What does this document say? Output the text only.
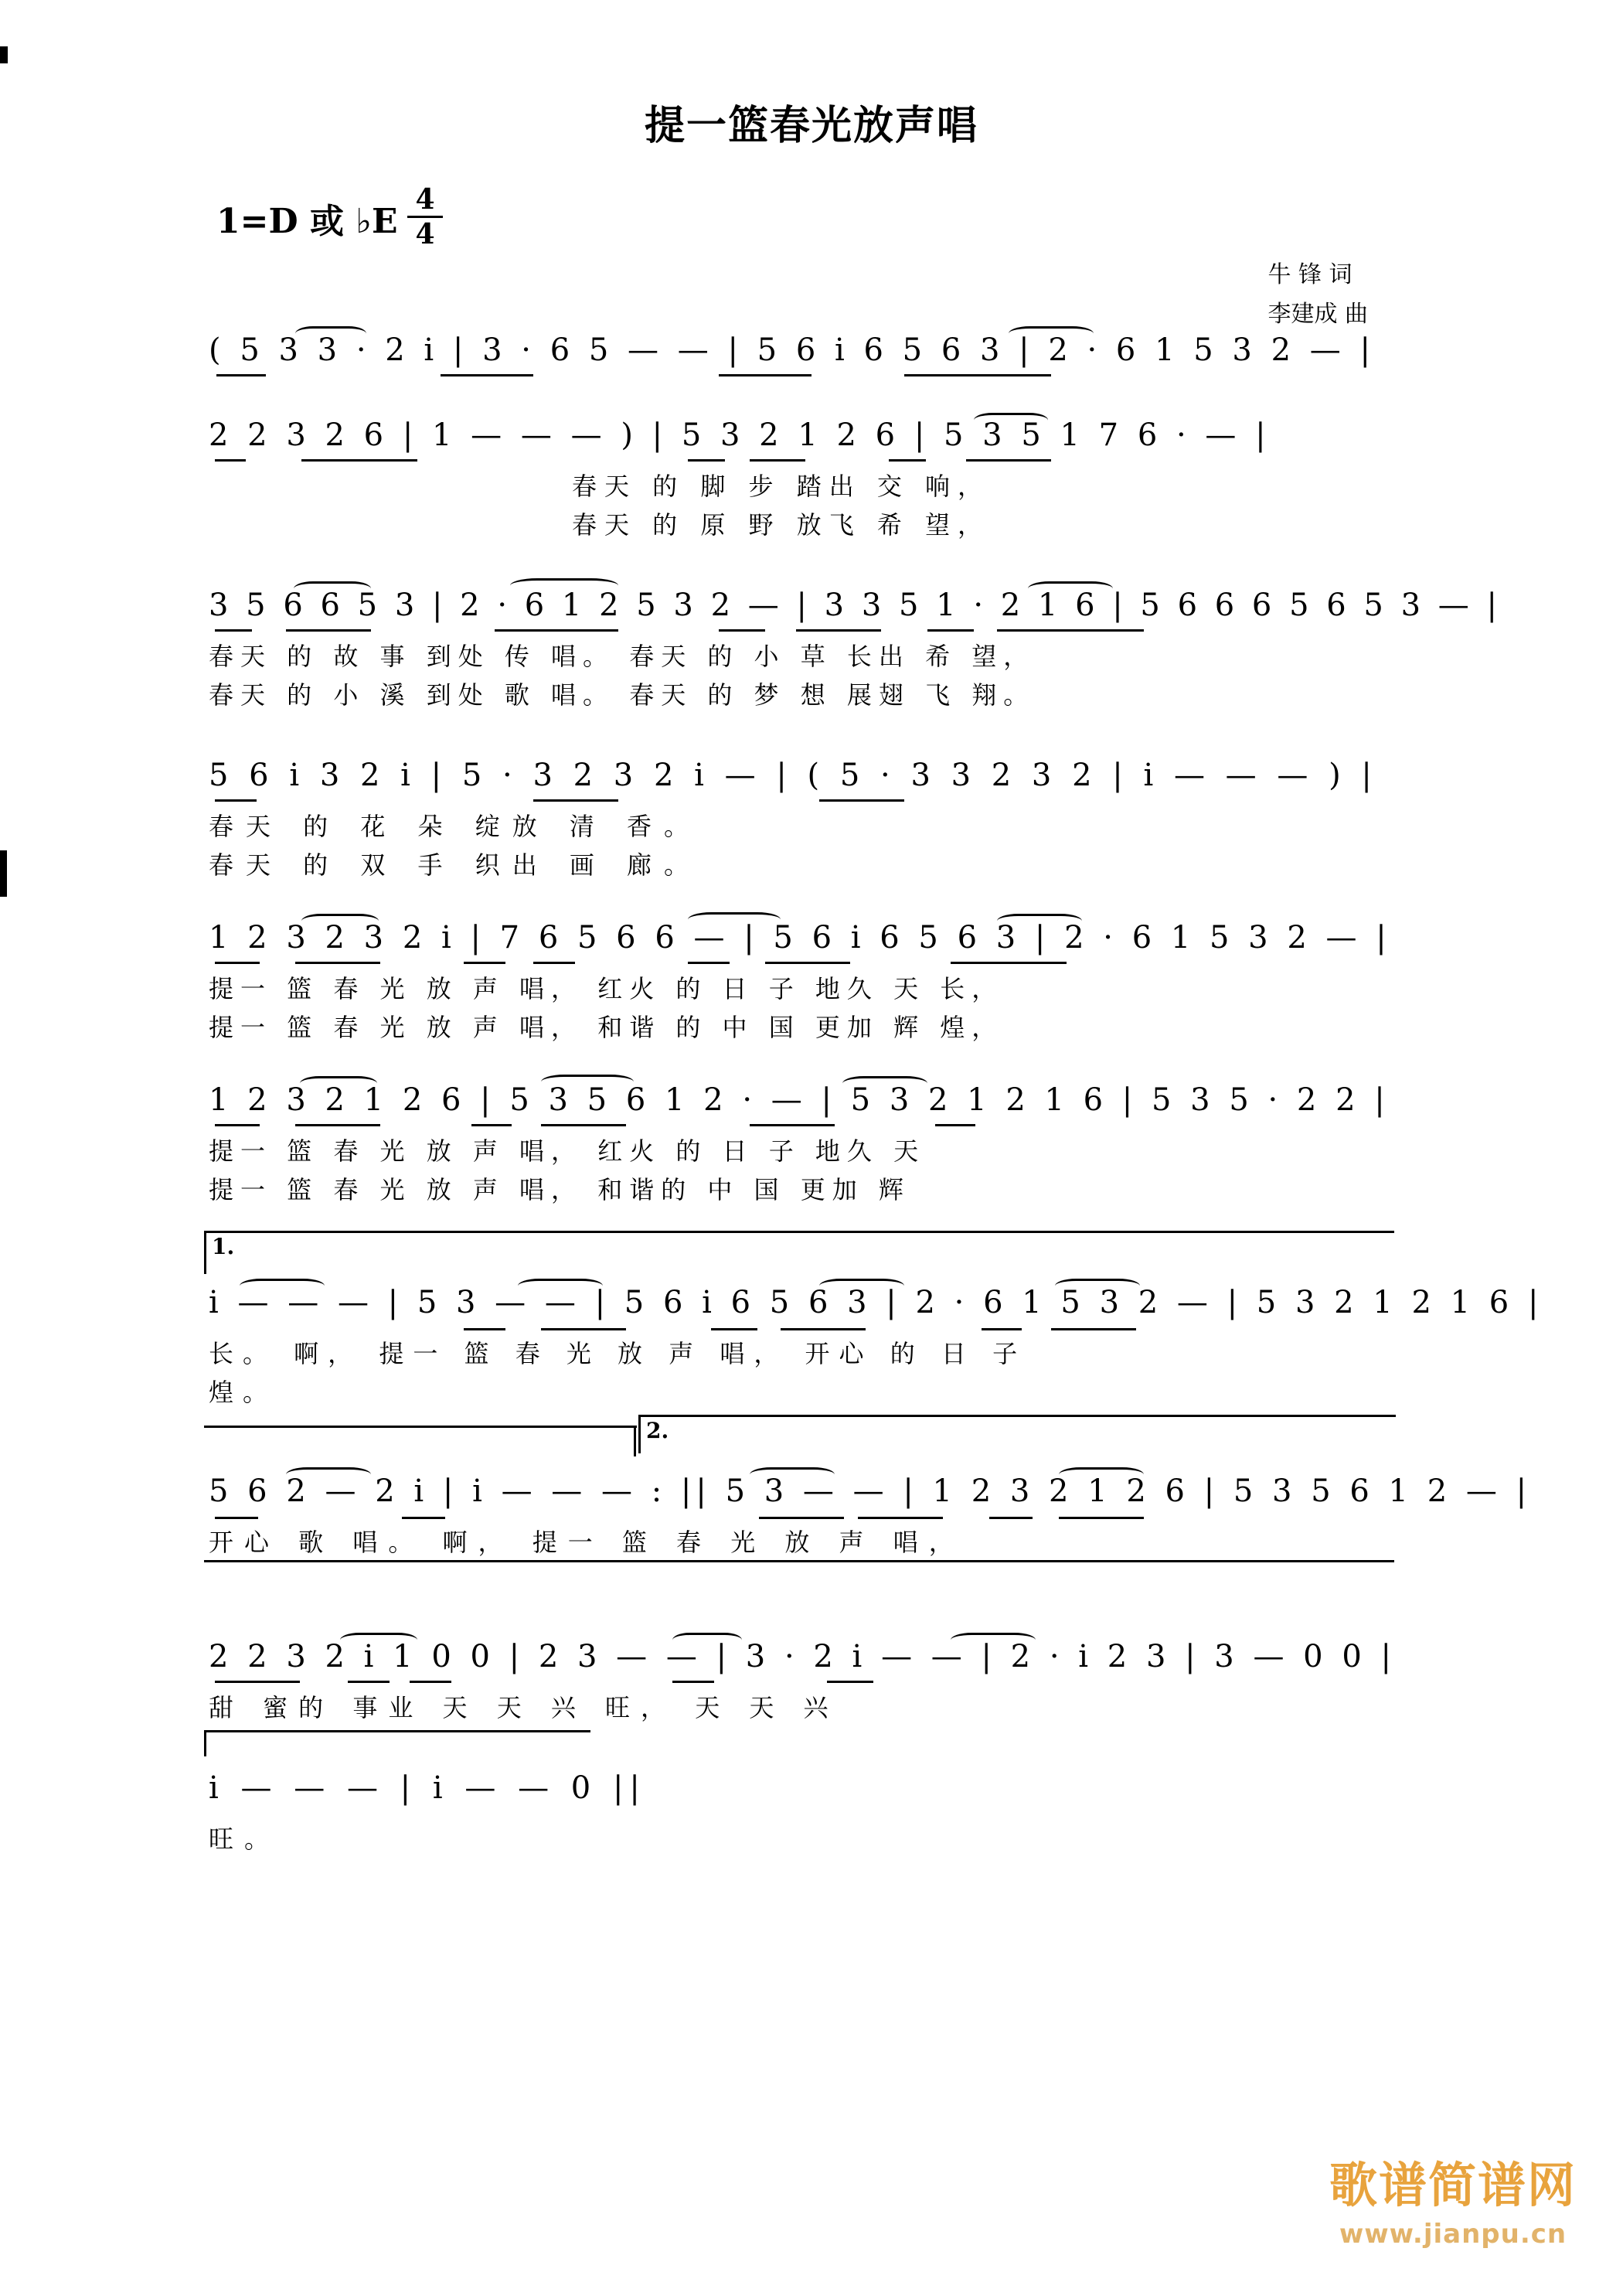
提一篮春光放声唱
1=D 或 ♭E
4
4
牛 锋 词
李建成 曲
( 5 3 3 · 2 i | 3 · 6 5 — — | 5 6 i 6 5 6 3 | 2 · 6 1 5 3 2 — |
2 2 3 2 6 | 1 — — — ) | 5 3 2 1 2 6 | 5 3 5 1 7 6 · — |
春天 的 脚 步 踏出 交 响，
春天 的 原 野 放飞 希 望，
3 5 6 6 5 3 | 2 · 6 1 2 5 3 2 — | 3 3 5 1 · 2 1 6 | 5 6 6 6 5 6 5 3 — |
春天 的 故 事 到处 传 唱。 春天 的 小 草 长出 希 望，
春天 的 小 溪 到处 歌 唱。 春天 的 梦 想 展翅 飞 翔。
5 6 i 3 2 i | 5 · 3 2 3 2 i — | ( 5 · 3 3 2 3 2 | i — — — ) |
春天 的 花 朵 绽放 清 香。
春天 的 双 手 织出 画 廊。
1 2 3 2 3 2 i | 7 6 5 6 6 — | 5 6 i 6 5 6 3 | 2 · 6 1 5 3 2 — |
提一 篮 春 光 放 声 唱， 红火 的 日 子 地久 天 长，
提一 篮 春 光 放 声 唱， 和谐 的 中 国 更加 辉 煌，
1 2 3 2 1 2 6 | 5 3 5 6 1 2 · — | 5 3 2 1 2 1 6 | 5 3 5 · 2 2 |
提一 篮 春 光 放 声 唱， 红火 的 日 子 地久 天
提一 篮 春 光 放 声 唱， 和谐的 中 国 更加 辉
1.
i — — — | 5 3 — — | 5 6 i 6 5 6 3 | 2 · 6 1 5 3 2 — | 5 3 2 1 2 1 6 |
长。 啊， 提一 篮 春 光 放 声 唱， 开心 的 日 子
煌。
2.
5 6 2 — 2 i | i — — — : || 5 3 — — | 1 2 3 2 1 2 6 | 5 3 5 6 1 2 — |
开心 歌 唱。 啊， 提一 篮 春 光 放 声 唱，
2 2 3 2 i 1 0 0 | 2 3 — — | 3 · 2 i — — | 2 · i 2 3 | 3 — 0 0 |
甜 蜜的 事业 天 天 兴 旺， 天 天 兴
i — — — | i — — 0 ||
旺。
歌谱简谱网
www.jianpu.cn
